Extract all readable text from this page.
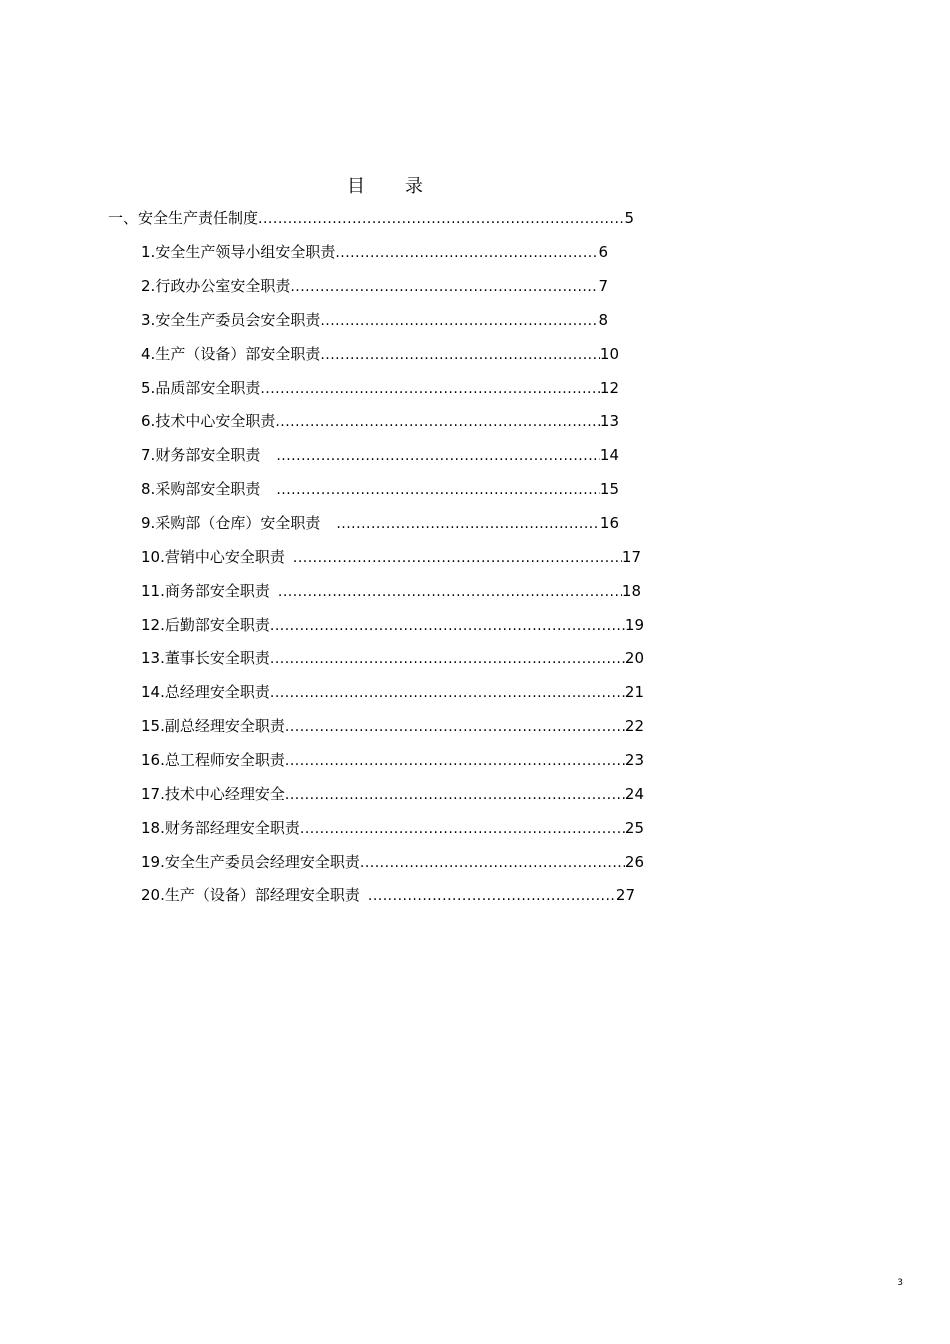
目 录
一、 安全生产责任制度 .....	5
1. 安全生产领导小组安全职责 .....	6
2. 行政办公室安全职责 .....	7
3. 安全生产委员会安全职责 .....	8
4. 生产（设备）部安全职责 .....	10
5. 品质部安全职责 .....	12
6. 技术中心安全职责 .....	13
7. 财务部安全职责 .....	14
8. 采购部安全职责 .....	15
9. 采购部（仓库）安全职责 .....	16
10. 营销中心安全职责 .....	17
11. 商务部安全职责 .....	18
12. 后勤部安全职责 .....	19
13. 董事长安全职责 .....	20
14. 总经理安全职责 .....	21
15. 副总经理安全职责 .....	22
16. 总工程师安全职责 .....	23
17. 技术中心经理安全 .....	24
18. 财务部经理安全职责 .....	25
19. 安全生产委员会经理安全职责 .....	26
20. 生产（设备）部经理安全职责 .....	27
3
